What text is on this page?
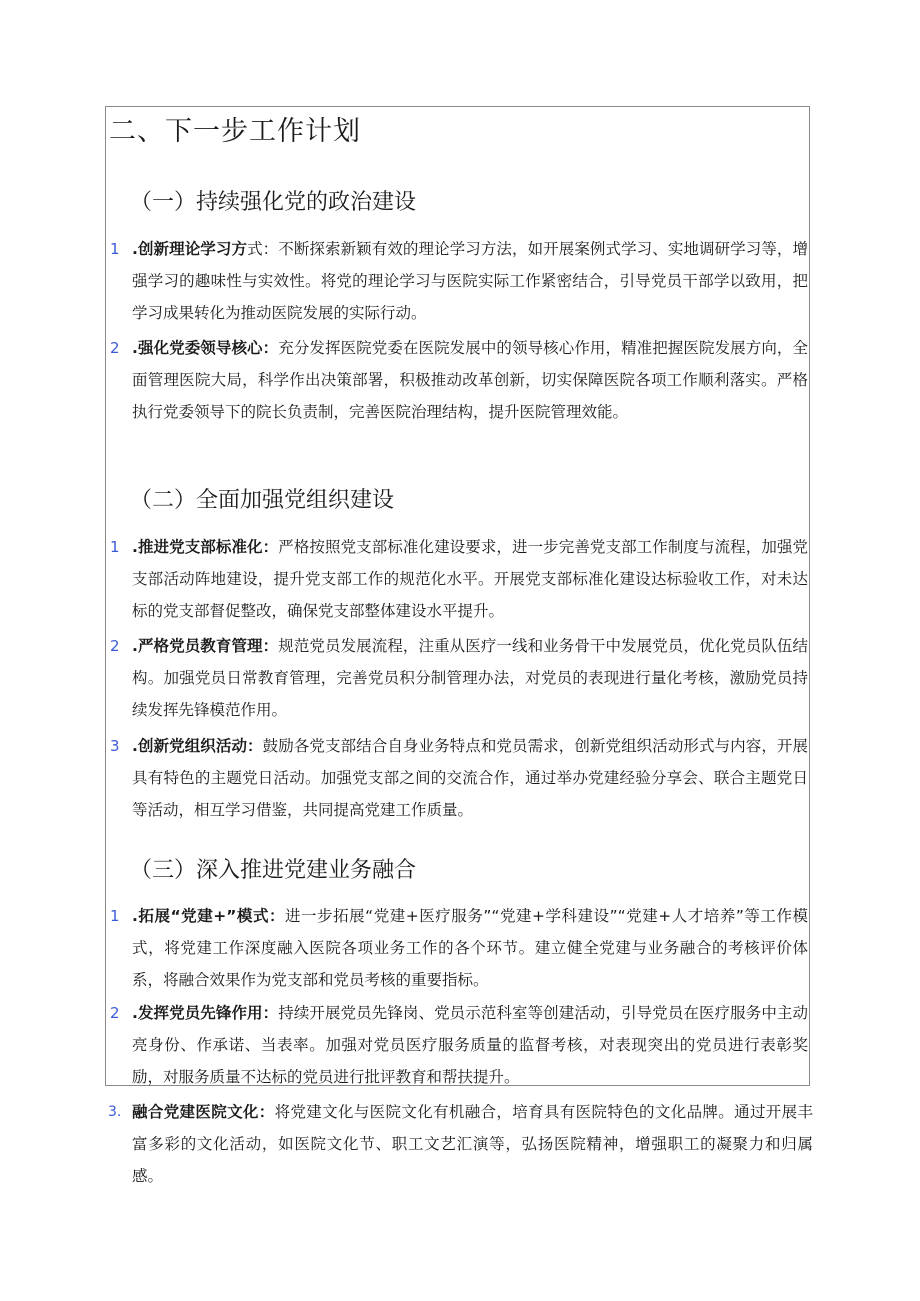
二、下一步工作计划
（一）持续强化党的政治建设
1 .创新理论学习方式：不断探索新颖有效的理论学习方法，如开展案例式学习、实地调研学习等，增强学习的趣味性与实效性。将党的理论学习与医院实际工作紧密结合，引导党员干部学以致用，把学习成果转化为推动医院发展的实际行动。
2 .强化党委领导核心：充分发挥医院党委在医院发展中的领导核心作用，精准把握医院发展方向，全面管理医院大局，科学作出决策部署，积极推动改革创新，切实保障医院各项工作顺利落实。严格执行党委领导下的院长负责制，完善医院治理结构，提升医院管理效能。
（二）全面加强党组织建设
1 .推进党支部标准化：严格按照党支部标准化建设要求，进一步完善党支部工作制度与流程，加强党支部活动阵地建设，提升党支部工作的规范化水平。开展党支部标准化建设达标验收工作，对未达标的党支部督促整改，确保党支部整体建设水平提升。
2 .严格党员教育管理：规范党员发展流程，注重从医疗一线和业务骨干中发展党员，优化党员队伍结构。加强党员日常教育管理，完善党员积分制管理办法，对党员的表现进行量化考核，激励党员持续发挥先锋模范作用。
3 .创新党组织活动：鼓励各党支部结合自身业务特点和党员需求，创新党组织活动形式与内容，开展具有特色的主题党日活动。加强党支部之间的交流合作，通过举办党建经验分享会、联合主题党日等活动，相互学习借鉴，共同提高党建工作质量。
（三）深入推进党建业务融合
1 .拓展“党建+”模式：进一步拓展“党建+医疗服务”“党建+学科建设”“党建+人才培养”等工作模式，将党建工作深度融入医院各项业务工作的各个环节。建立健全党建与业务融合的考核评价体系，将融合效果作为党支部和党员考核的重要指标。
2 .发挥党员先锋作用：持续开展党员先锋岗、党员示范科室等创建活动，引导党员在医疗服务中主动亮身份、作承诺、当表率。加强对党员医疗服务质量的监督考核，对表现突出的党员进行表彰奖励，对服务质量不达标的党员进行批评教育和帮扶提升。
3. 融合党建医院文化：将党建文化与医院文化有机融合，培育具有医院特色的文化品牌。通过开展丰富多彩的文化活动，如医院文化节、职工文艺汇演等，弘扬医院精神，增强职工的凝聚力和归属感。
